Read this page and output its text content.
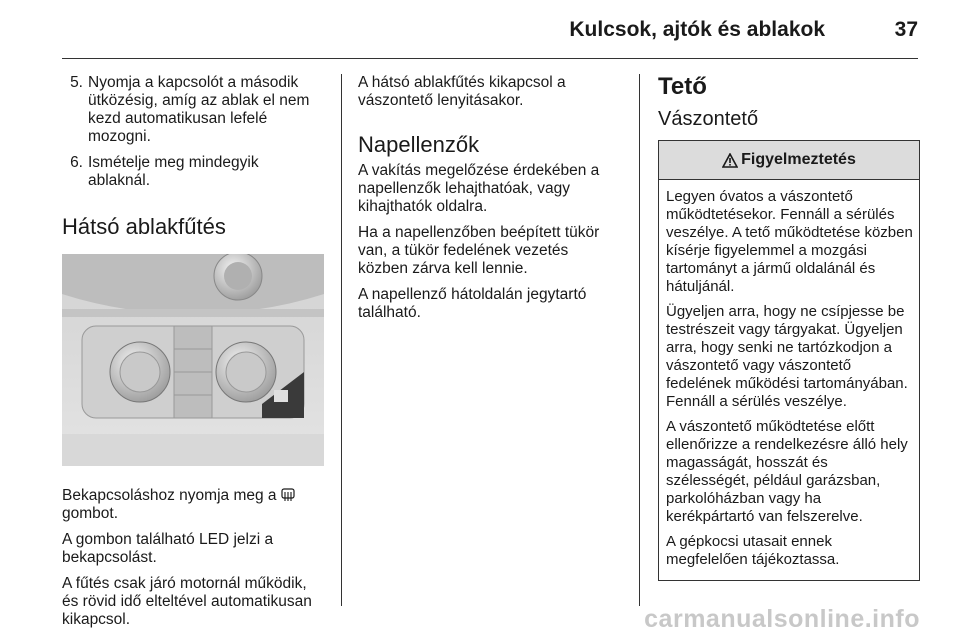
Kulcsok, ajtók és ablakok	37
5. Nyomja a kapcsolót a második ütközésig, amíg az ablak el nem kezd automatikusan lefelé mozogni.
6. Ismételje meg mindegyik ablaknál.
Hátsó ablakfűtés

Bekapcsoláshoz nyomja meg a  gombot.

A gombon található LED jelzi a bekapcsolást.

A fűtés csak járó motornál működik, és rövid idő elteltével automatikusan kikapcsol.

A hátsó ablakfűtés kikapcsol a vászontető lenyitásakor.

Napellenzők

A vakítás megelőzése érdekében a napellenzők lehajthatóak, vagy kihajthatók oldalra.

Ha a napellenzőben beépített tükör van, a tükör fedelének vezetés közben zárva kell lennie.

A napellenző hátoldalán jegytartó található.

Tető
Vászontető
Figyelmeztetés

Legyen óvatos a vászontető működtetésekor. Fennáll a sérülés veszélye. A tető működtetése közben kísérje figyelemmel a mozgási tartományt a jármű oldalánál és hátuljánál.

Ügyeljen arra, hogy ne csípjesse be testrészeit vagy tárgyakat. Ügyeljen arra, hogy senki ne tartózkodjon a vászontető vagy vászontető fedelének működési tartományában. Fennáll a sérülés veszélye.

A vászontető működtetése előtt ellenőrizze a rendelkezésre álló hely magasságát, hosszát és szélességét, például garázsban, parkolóházban vagy ha kerékpártartó van felszerelve.

A gépkocsi utasait ennek megfelelően tájékoztassa.

carmanualsonline.info
